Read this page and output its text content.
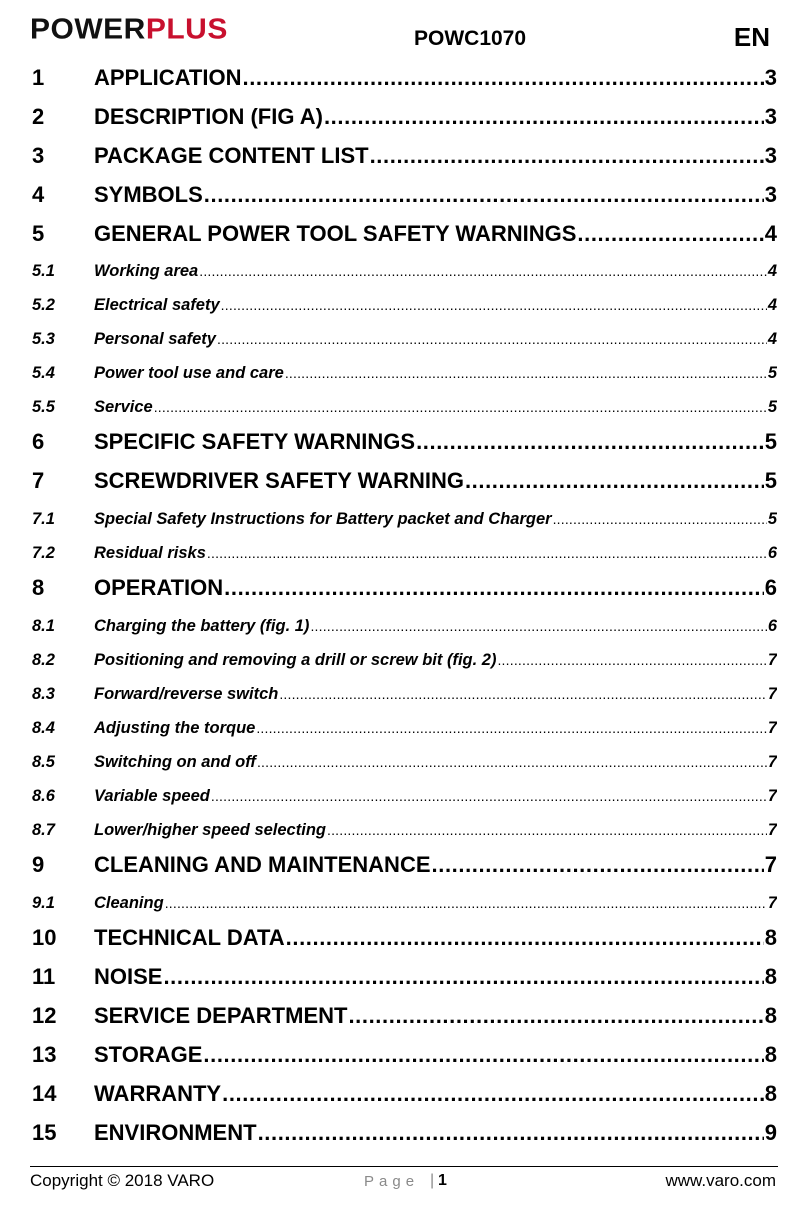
POWERPLUS	POWC1070	EN
1	APPLICATION .....	3
2	DESCRIPTION (FIG A) .....	3
3	PACKAGE CONTENT LIST .....	3
4	SYMBOLS .....	3
5	GENERAL POWER TOOL SAFETY WARNINGS .....	4
5.1	Working area .....	4
5.2	Electrical safety .....	4
5.3	Personal safety .....	4
5.4	Power tool use and care .....	5
5.5	Service .....	5
6	SPECIFIC SAFETY WARNINGS .....	5
7	SCREWDRIVER SAFETY WARNING .....	5
7.1	Special Safety Instructions for Battery packet and Charger .....	5
7.2	Residual risks .....	6
8	OPERATION .....	6
8.1	Charging the battery (fig. 1) .....	6
8.2	Positioning and removing a drill or screw bit (fig. 2) .....	7
8.3	Forward/reverse switch .....	7
8.4	Adjusting the torque .....	7
8.5	Switching on and off .....	7
8.6	Variable speed .....	7
8.7	Lower/higher speed selecting .....	7
9	CLEANING AND MAINTENANCE .....	7
9.1	Cleaning .....	7
10	TECHNICAL DATA .....	8
11	NOISE .....	8
12	SERVICE DEPARTMENT .....	8
13	STORAGE .....	8
14	WARRANTY .....	8
15	ENVIRONMENT .....	9
Copyright © 2018 VARO	Page | 1	www.varo.com
